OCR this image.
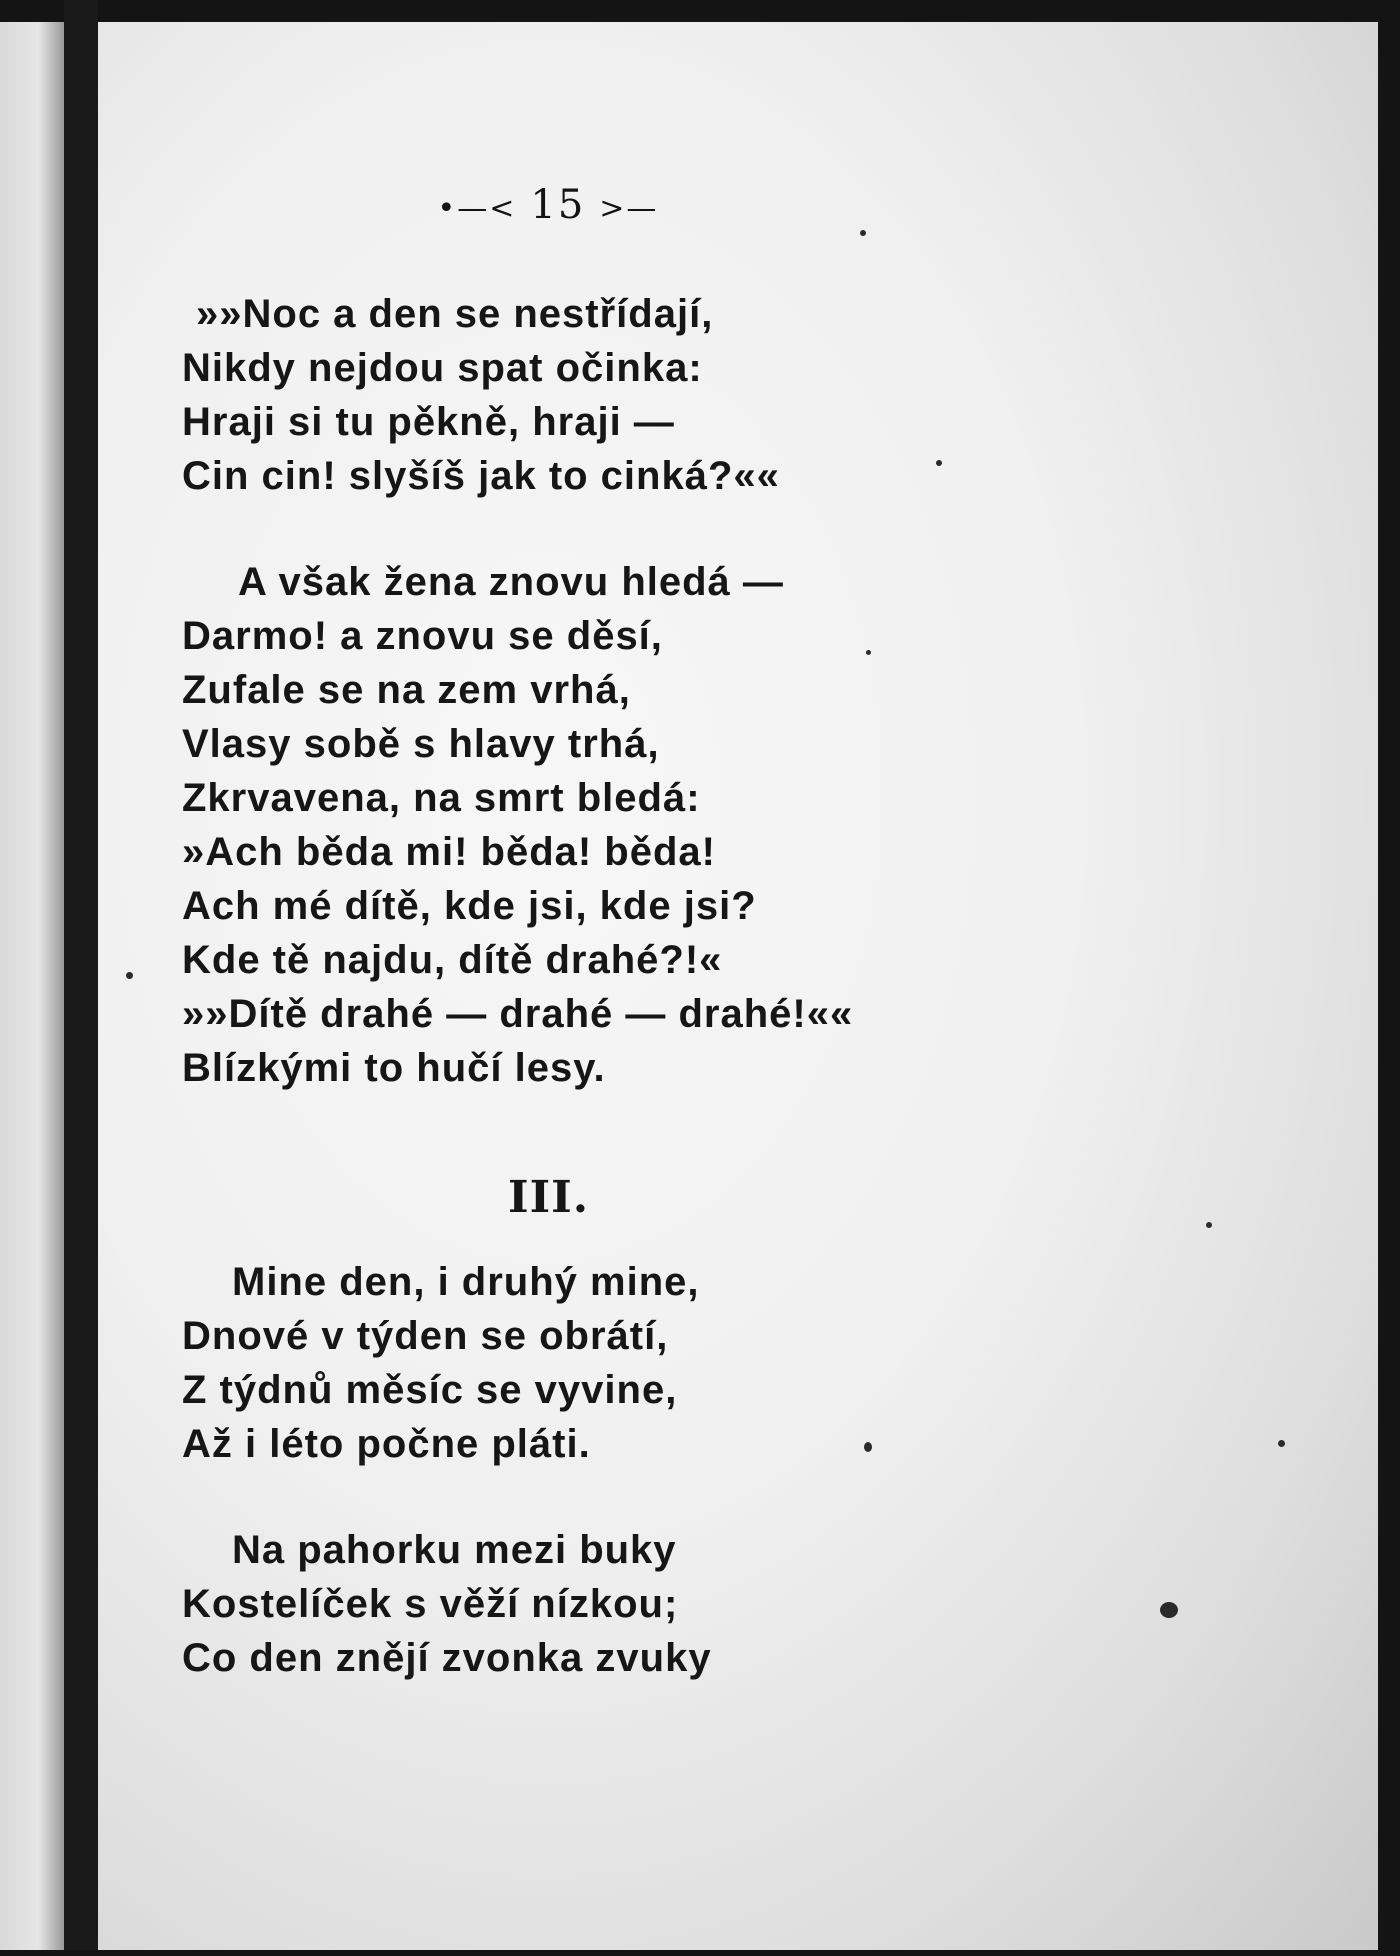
•—< 15 >—
»»Noc a den se nestřídají,
Nikdy nejdou spat očinka:
Hraji si tu pěkně, hraji —
Cin cin! slyšíš jak to cinká?««
A však žena znovu hledá —
Darmo! a znovu se děsí,
Zufale se na zem vrhá,
Vlasy sobě s hlavy trhá,
Zkrvavena, na smrt bledá:
»Ach běda mi! běda! běda!
Ach mé dítě, kde jsi, kde jsi?
Kde tě najdu, dítě drahé?!«
»»Dítě drahé — drahé — drahé!««
Blízkými to hučí lesy.
III.
Mine den, i druhý mine,
Dnové v týden se obrátí,
Z týdnů měsíc se vyvine,
Až i léto počne pláti.
Na pahorku mezi buky
Kostelíček s věží nízkou;
Co den znějí zvonka zvuky
